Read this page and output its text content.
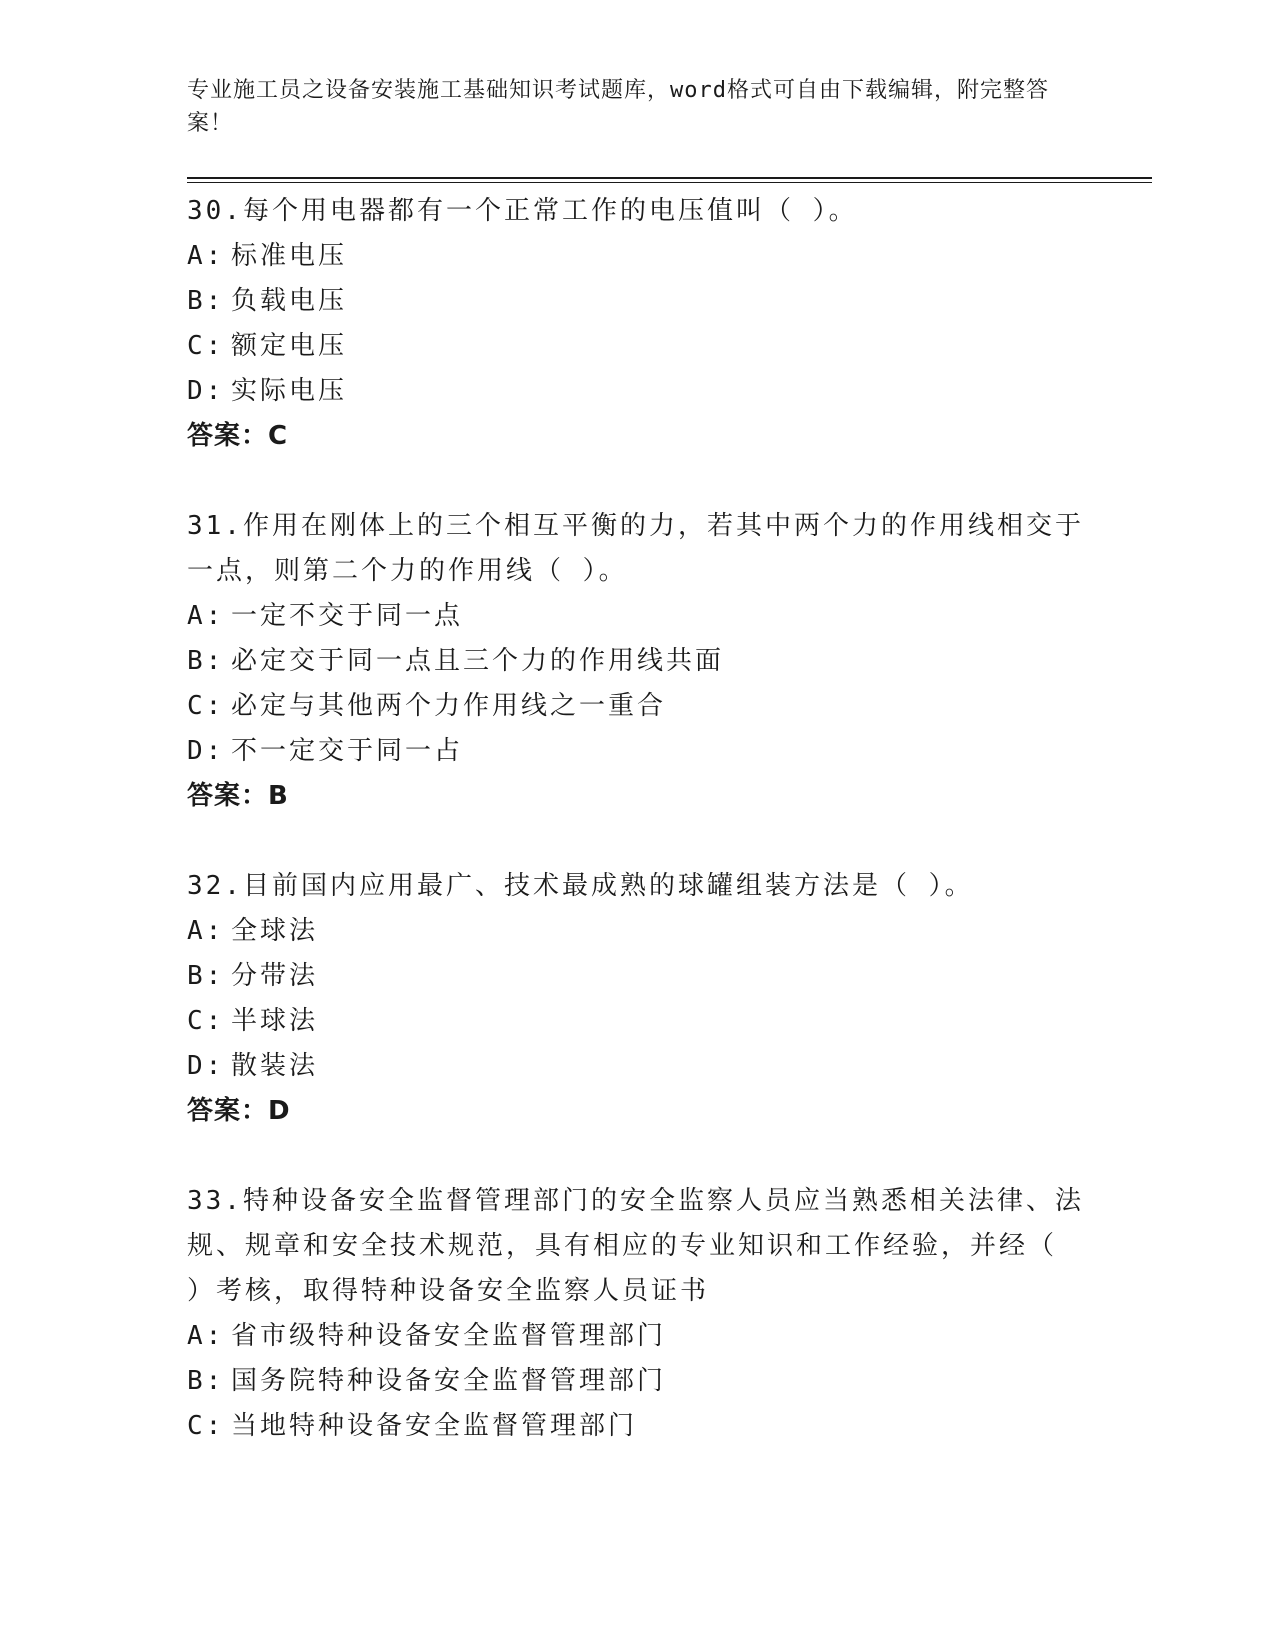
专业施工员之设备安装施工基础知识考试题库，word格式可自由下载编辑，附完整答案！
30.每个用电器都有一个正常工作的电压值叫（ ）。
A: 标准电压
B: 负载电压
C: 额定电压
D: 实际电压
答案：C
31.作用在刚体上的三个相互平衡的力，若其中两个力的作用线相交于一点，则第二个力的作用线（ ）。
A: 一定不交于同一点
B: 必定交于同一点且三个力的作用线共面
C: 必定与其他两个力作用线之一重合
D: 不一定交于同一占
答案：B
32.目前国内应用最广、技术最成熟的球罐组装方法是（ ）。
A: 全球法
B: 分带法
C: 半球法
D: 散装法
答案：D
33.特种设备安全监督管理部门的安全监察人员应当熟悉相关法律、法规、规章和安全技术规范，具有相应的专业知识和工作经验，并经（ ）考核，取得特种设备安全监察人员证书
A: 省市级特种设备安全监督管理部门
B: 国务院特种设备安全监督管理部门
C: 当地特种设备安全监督管理部门
